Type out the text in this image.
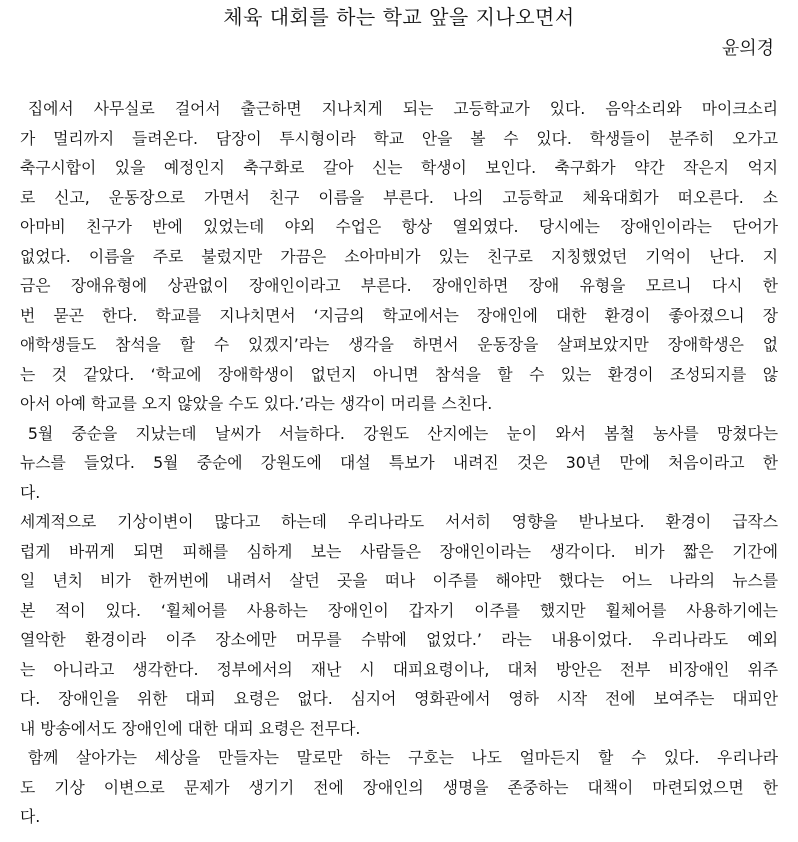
체육 대회를 하는 학교 앞을 지나오면서
윤의경
집에서 사무실로 걸어서 출근하면 지나치게 되는 고등학교가 있다. 음악소리와 마이크소리
가 멀리까지 들려온다. 담장이 투시형이라 학교 안을 볼 수 있다. 학생들이 분주히 오가고
축구시합이 있을 예정인지 축구화로 갈아 신는 학생이 보인다. 축구화가 약간 작은지 억지
로 신고, 운동장으로 가면서 친구 이름을 부른다. 나의 고등학교 체육대회가 떠오른다. 소
아마비 친구가 반에 있었는데 야외 수업은 항상 열외였다. 당시에는 장애인이라는 단어가
없었다. 이름을 주로 불렀지만 가끔은 소아마비가 있는 친구로 지칭했었던 기억이 난다. 지
금은 장애유형에 상관없이 장애인이라고 부른다. 장애인하면 장애 유형을 모르니 다시 한
번 묻곤 한다. 학교를 지나치면서 ‘지금의 학교에서는 장애인에 대한 환경이 좋아졌으니 장
애학생들도 참석을 할 수 있겠지’라는 생각을 하면서 운동장을 살펴보았지만 장애학생은 없
는 것 같았다. ‘학교에 장애학생이 없던지 아니면 참석을 할 수 있는 환경이 조성되지를 않
아서 아예 학교를 오지 않았을 수도 있다.’라는 생각이 머리를 스친다.
5월 중순을 지났는데 날씨가 서늘하다. 강원도 산지에는 눈이 와서 봄철 농사를 망쳤다는
뉴스를 들었다. 5월 중순에 강원도에 대설 특보가 내려진 것은 30년 만에 처음이라고 한
다.
세계적으로 기상이변이 많다고 하는데 우리나라도 서서히 영향을 받나보다. 환경이 급작스
럽게 바뀌게 되면 피해를 심하게 보는 사람들은 장애인이라는 생각이다. 비가 짧은 기간에
일 년치 비가 한꺼번에 내려서 살던 곳을 떠나 이주를 해야만 했다는 어느 나라의 뉴스를
본 적이 있다. ‘휠체어를 사용하는 장애인이 갑자기 이주를 했지만 휠체어를 사용하기에는
열악한 환경이라 이주 장소에만 머무를 수밖에 없었다.’ 라는 내용이었다. 우리나라도 예외
는 아니라고 생각한다. 정부에서의 재난 시 대피요령이나, 대처 방안은 전부 비장애인 위주
다. 장애인을 위한 대피 요령은 없다. 심지어 영화관에서 영하 시작 전에 보여주는 대피안
내 방송에서도 장애인에 대한 대피 요령은 전무다.
함께 살아가는 세상을 만들자는 말로만 하는 구호는 나도 얼마든지 할 수 있다. 우리나라
도 기상 이변으로 문제가 생기기 전에 장애인의 생명을 존중하는 대책이 마련되었으면 한
다.
